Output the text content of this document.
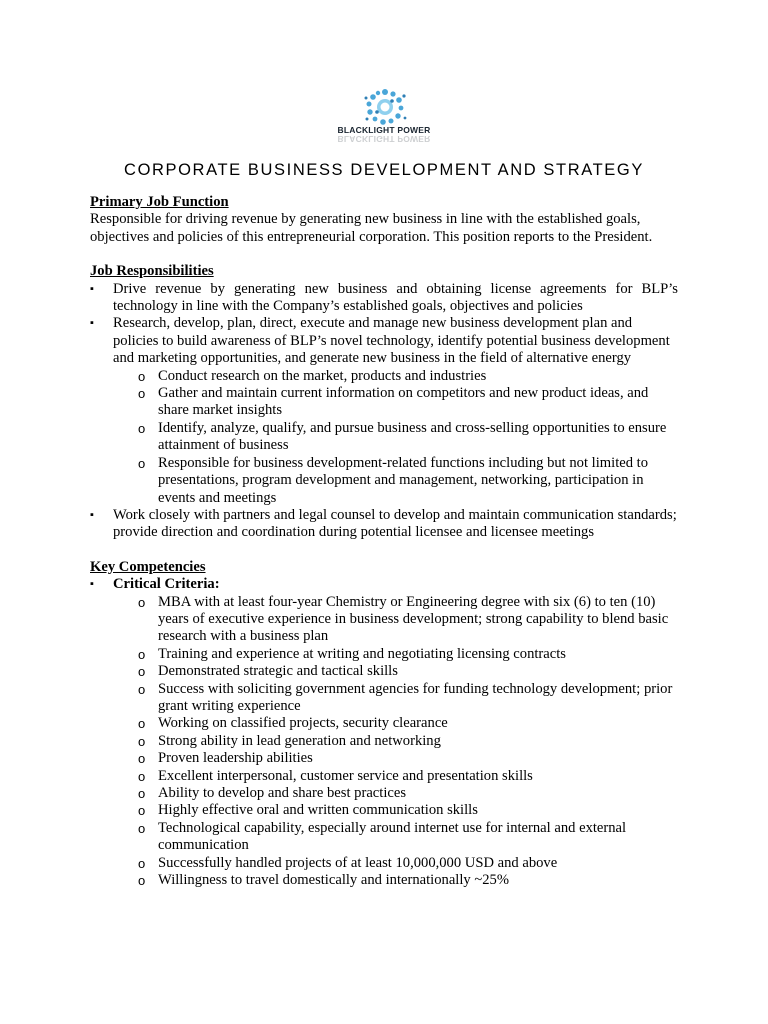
BLACKLIGHT POWER
BLACKLIGHT POWER
CORPORATE BUSINESS DEVELOPMENT AND STRATEGY
Primary Job Function
Responsible for driving revenue by generating new business in line with the established goals, objectives and policies of this entrepreneurial corporation. This position reports to the President.
Job Responsibilities
▪ Drive revenue by generating new business and obtaining license agreements for BLP’s technology in line with the Company’s established goals, objectives and policies
▪ Research, develop, plan, direct, execute and manage new business development plan and policies to build awareness of BLP’s novel technology, identify potential business development and marketing opportunities, and generate new business in the field of alternative energy
o Conduct research on the market, products and industries
o Gather and maintain current information on competitors and new product ideas, and share market insights
o Identify, analyze, qualify, and pursue business and cross-selling opportunities to ensure attainment of business
o Responsible for business development-related functions including but not limited to presentations, program development and management, networking, participation in events and meetings
▪ Work closely with partners and legal counsel to develop and maintain communication standards; provide direction and coordination during potential licensee and licensee meetings
Key Competencies
▪ Critical Criteria:
o MBA with at least four-year Chemistry or Engineering degree with six (6) to ten (10) years of executive experience in business development; strong capability to blend basic research with a business plan
o Training and experience at writing and negotiating licensing contracts
o Demonstrated strategic and tactical skills
o Success with soliciting government agencies for funding technology development; prior grant writing experience
o Working on classified projects, security clearance
o Strong ability in lead generation and networking
o Proven leadership abilities
o Excellent interpersonal, customer service and presentation skills
o Ability to develop and share best practices
o Highly effective oral and written communication skills
o Technological capability, especially around internet use for internal and external communication
o Successfully handled projects of at least 10,000,000 USD and above
o Willingness to travel domestically and internationally ~25%
